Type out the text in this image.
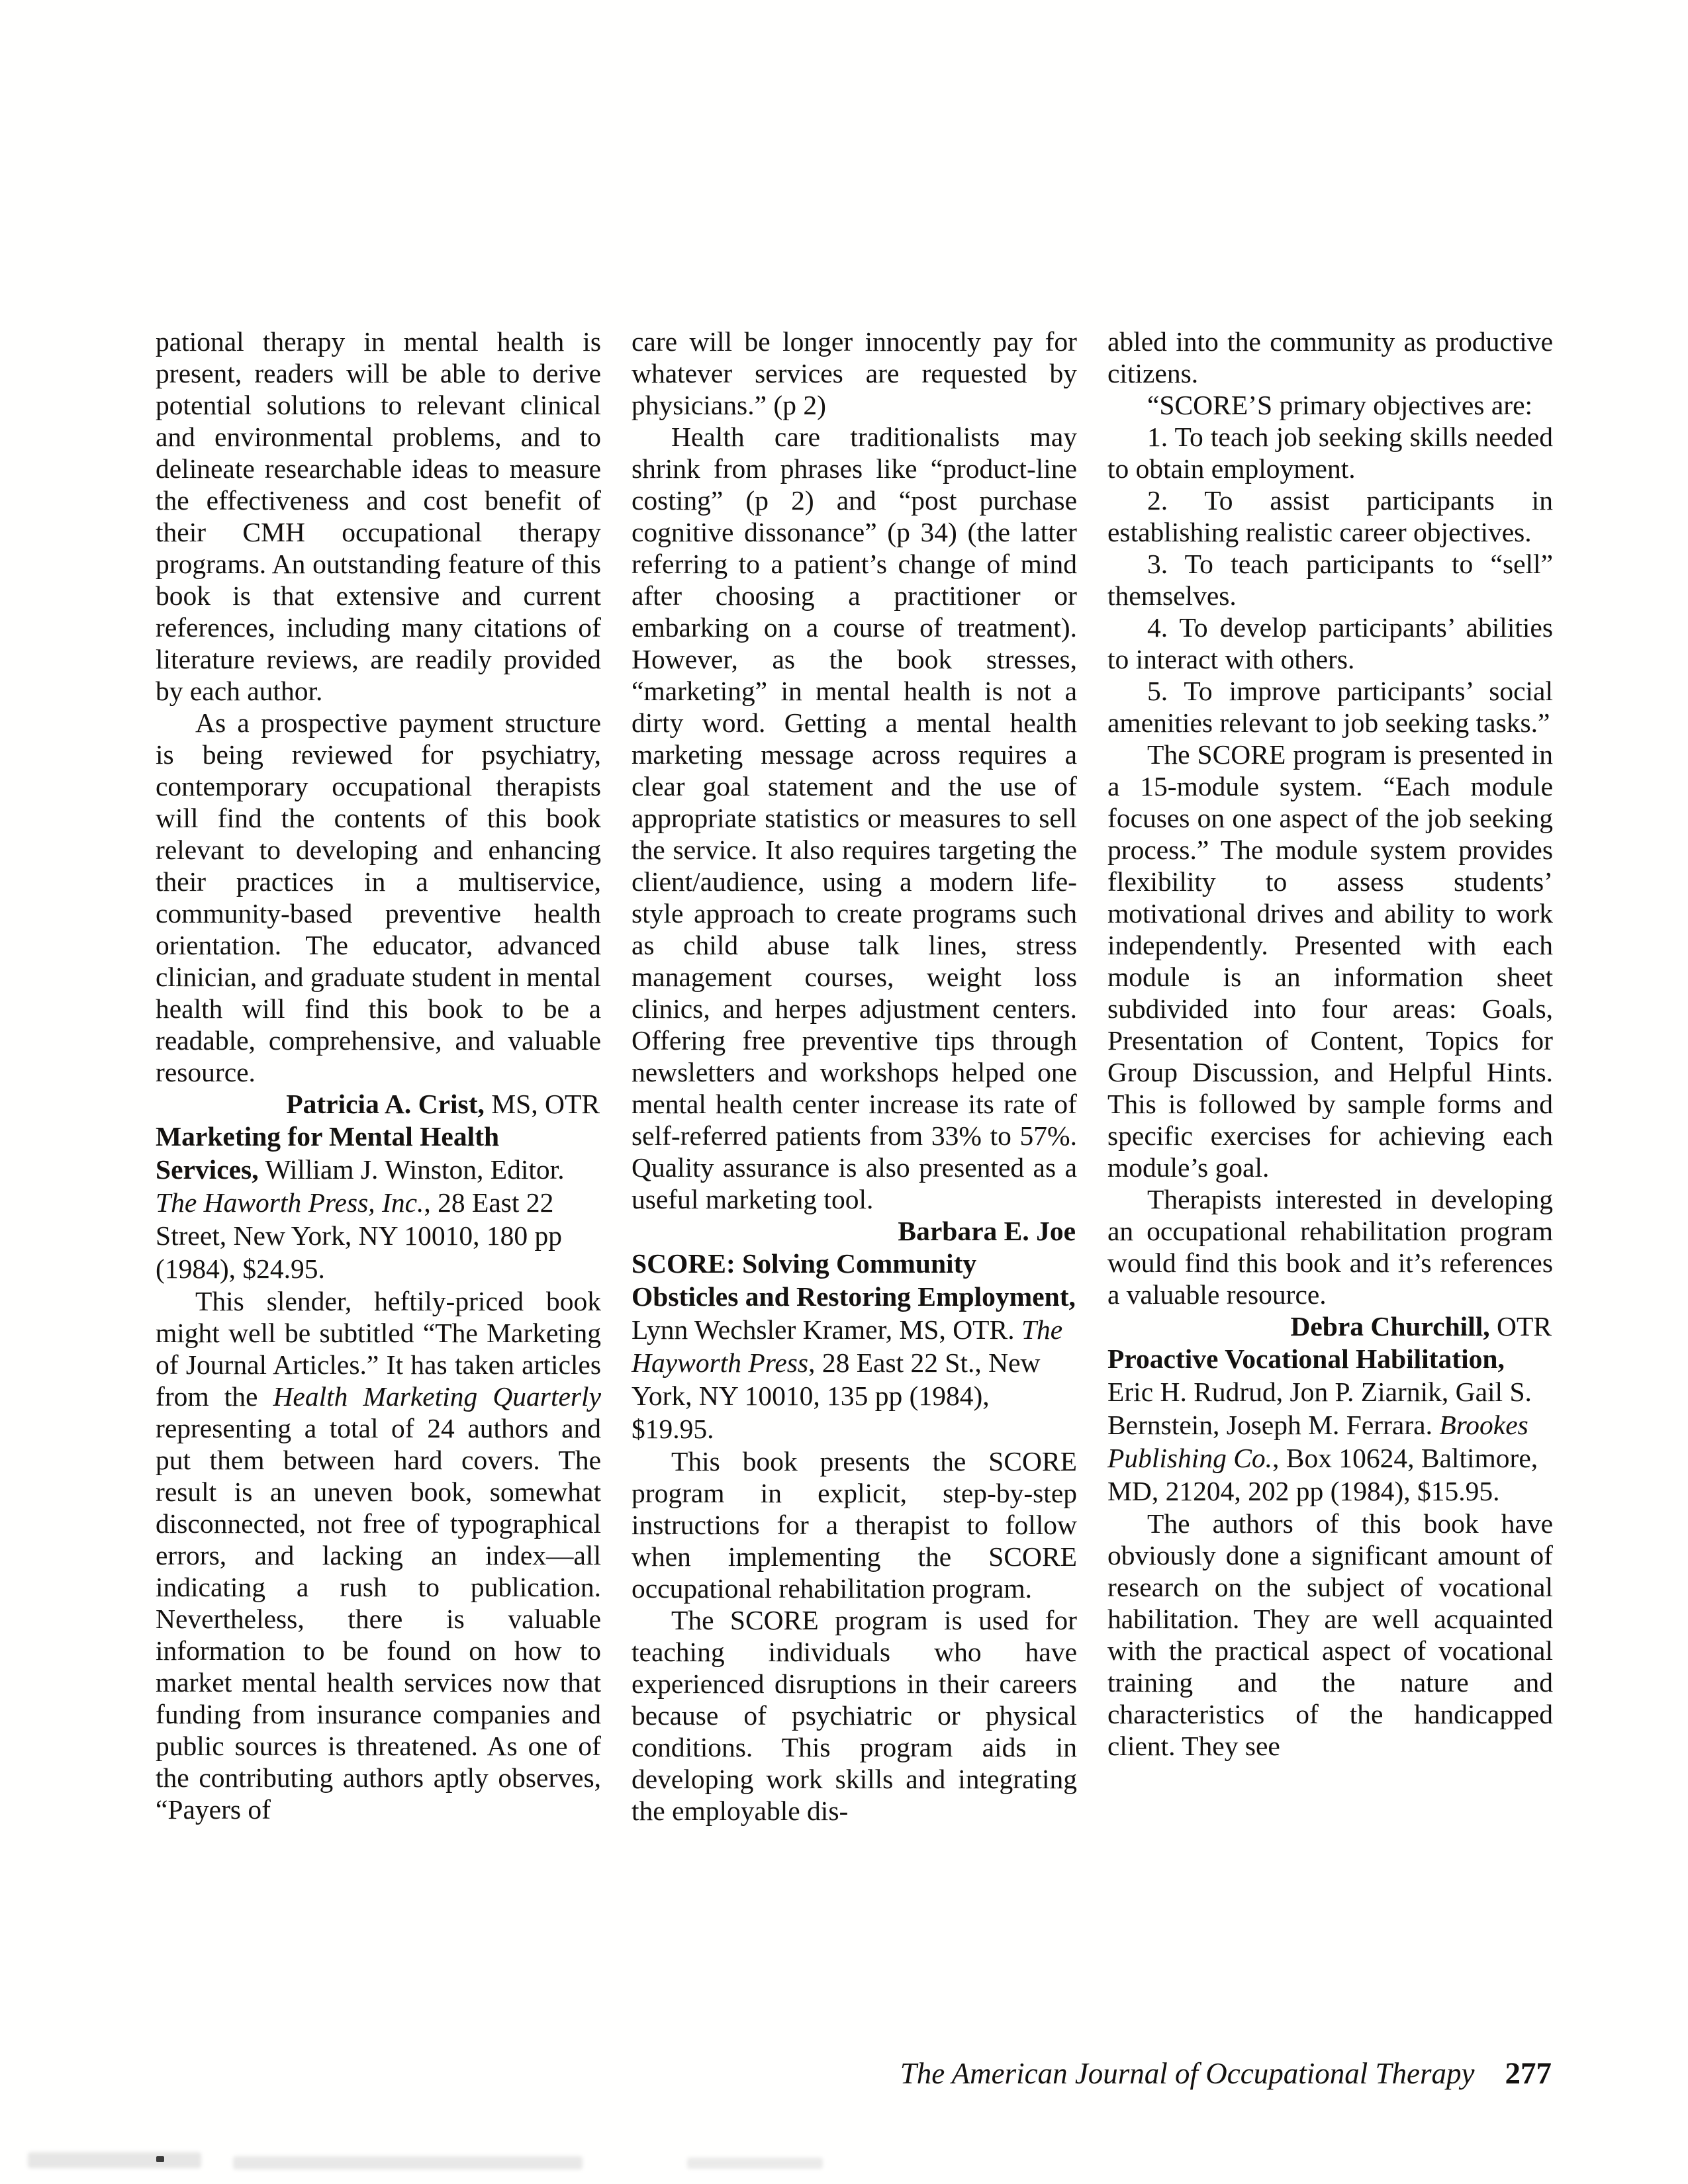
pational therapy in mental health is present, readers will be able to derive potential solutions to relevant clinical and environmental problems, and to delineate researchable ideas to measure the effectiveness and cost benefit of their CMH occupational therapy programs. An outstanding feature of this book is that extensive and current references, including many citations of literature reviews, are readily provided by each author.

As a prospective payment structure is being reviewed for psychiatry, contemporary occupational therapists will find the contents of this book relevant to developing and enhancing their practices in a multiservice, community-based preventive health orientation. The educator, advanced clinician, and graduate student in mental health will find this book to be a readable, comprehensive, and valuable resource.

Patricia A. Crist, MS, OTR

Marketing for Mental Health Services, William J. Winston, Editor. The Haworth Press, Inc., 28 East 22 Street, New York, NY 10010, 180 pp (1984), $24.95.

This slender, heftily-priced book might well be subtitled “The Marketing of Journal Articles.” It has taken articles from the Health Marketing Quarterly representing a total of 24 authors and put them between hard covers. The result is an uneven book, somewhat disconnected, not free of typographical errors, and lacking an index—all indicating a rush to publication. Nevertheless, there is valuable information to be found on how to market mental health services now that funding from insurance companies and public sources is threatened. As one of the contributing authors aptly observes, “Payers of

care will be longer innocently pay for whatever services are requested by physicians.” (p 2)

Health care traditionalists may shrink from phrases like “product-line costing” (p 2) and “post purchase cognitive dissonance” (p 34) (the latter referring to a patient’s change of mind after choosing a practitioner or embarking on a course of treatment). However, as the book stresses, “marketing” in mental health is not a dirty word. Getting a mental health marketing message across requires a clear goal statement and the use of appropriate statistics or measures to sell the service. It also requires targeting the client/audience, using a modern life-style approach to create programs such as child abuse talk lines, stress management courses, weight loss clinics, and herpes adjustment centers. Offering free preventive tips through newsletters and workshops helped one mental health center increase its rate of self-referred patients from 33% to 57%. Quality assurance is also presented as a useful marketing tool.

Barbara E. Joe

SCORE: Solving Community Obsticles and Restoring Employment, Lynn Wechsler Kramer, MS, OTR. The Hayworth Press, 28 East 22 St., New York, NY 10010, 135 pp (1984), $19.95.

This book presents the SCORE program in explicit, step-by-step instructions for a therapist to follow when implementing the SCORE occupational rehabilitation program.

The SCORE program is used for teaching individuals who have experienced disruptions in their careers because of psychiatric or physical conditions. This program aids in developing work skills and integrating the employable dis-

abled into the community as productive citizens.

“SCORE’S primary objectives are:

1. To teach job seeking skills needed to obtain employment.

2. To assist participants in establishing realistic career objectives.

3. To teach participants to “sell” themselves.

4. To develop participants’ abilities to interact with others.

5. To improve participants’ social amenities relevant to job seeking tasks.”

The SCORE program is presented in a 15-module system. “Each module focuses on one aspect of the job seeking process.” The module system provides flexibility to assess students’ motivational drives and ability to work independently. Presented with each module is an information sheet subdivided into four areas: Goals, Presentation of Content, Topics for Group Discussion, and Helpful Hints. This is followed by sample forms and specific exercises for achieving each module’s goal.

Therapists interested in developing an occupational rehabilitation program would find this book and it’s references a valuable resource.

Debra Churchill, OTR

Proactive Vocational Habilitation, Eric H. Rudrud, Jon P. Ziarnik, Gail S. Bernstein, Joseph M. Ferrara. Brookes Publishing Co., Box 10624, Baltimore, MD, 21204, 202 pp (1984), $15.95.

The authors of this book have obviously done a significant amount of research on the subject of vocational habilitation. They are well acquainted with the practical aspect of vocational training and the nature and characteristics of the handicapped client. They see

The American Journal of Occupational Therapy 277
